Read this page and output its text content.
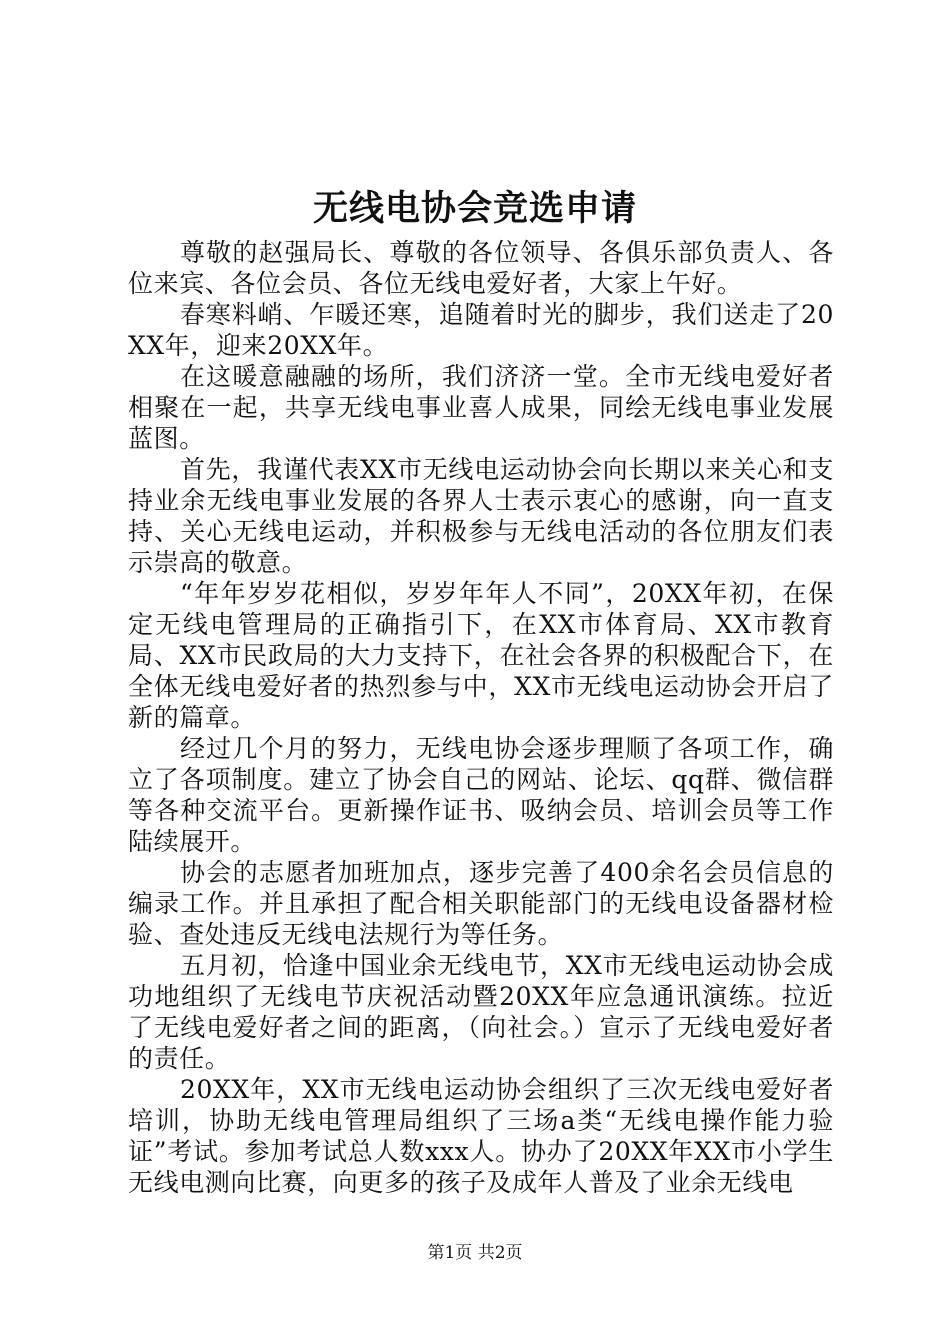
无线电协会竞选申请

尊敬的赵强局长、尊敬的各位领导、各俱乐部负责人、各位来宾、各位会员、各位无线电爱好者，大家上午好。

春寒料峭、乍暖还寒，追随着时光的脚步，我们送走了20XX年，迎来20XX年。

在这暖意融融的场所，我们济济一堂。全市无线电爱好者相聚在一起，共享无线电事业喜人成果，同绘无线电事业发展蓝图。

首先，我谨代表XX市无线电运动协会向长期以来关心和支持业余无线电事业发展的各界人士表示衷心的感谢，向一直支持、关心无线电运动，并积极参与无线电活动的各位朋友们表示崇高的敬意。

“年年岁岁花相似，岁岁年年人不同”，20XX年初，在保定无线电管理局的正确指引下，在XX市体育局、XX市教育局、XX市民政局的大力支持下，在社会各界的积极配合下，在全体无线电爱好者的热烈参与中，XX市无线电运动协会开启了新的篇章。

经过几个月的努力，无线电协会逐步理顺了各项工作，确立了各项制度。建立了协会自己的网站、论坛、qq群、微信群等各种交流平台。更新操作证书、吸纳会员、培训会员等工作陆续展开。

协会的志愿者加班加点，逐步完善了400余名会员信息的编录工作。并且承担了配合相关职能部门的无线电设备器材检验、查处违反无线电法规行为等任务。

五月初，恰逢中国业余无线电节，XX市无线电运动协会成功地组织了无线电节庆祝活动暨20XX年应急通讯演练。拉近了无线电爱好者之间的距离，（向社会。）宣示了无线电爱好者的责任。

20XX年，XX市无线电运动协会组织了三次无线电爱好者培训，协助无线电管理局组织了三场a类“无线电操作能力验证”考试。参加考试总人数xxx人。协办了20XX年XX市小学生无线电测向比赛，向更多的孩子及成年人普及了业余无线电

第1页 共2页
